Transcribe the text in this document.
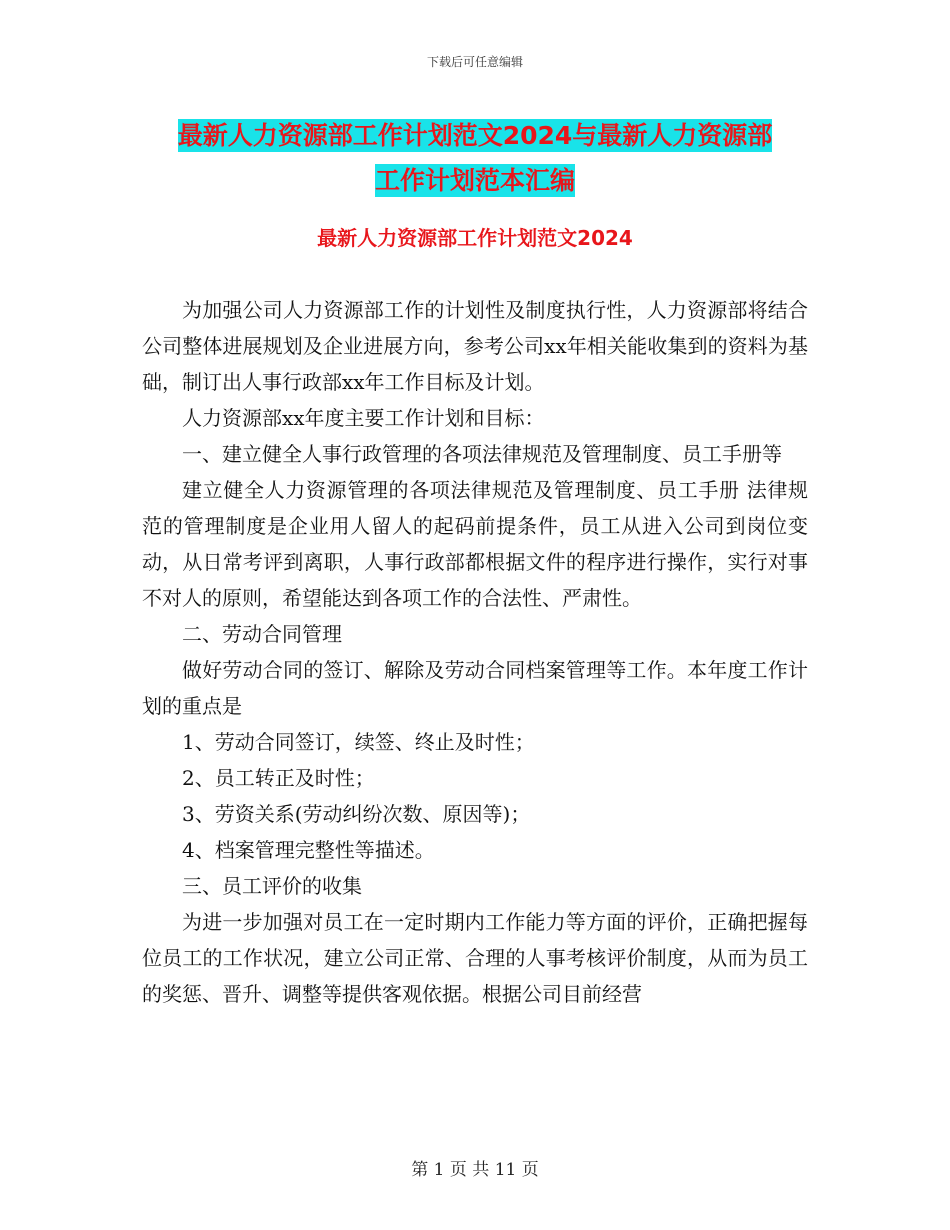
下载后可任意编辑
最新人力资源部工作计划范文2024与最新人力资源部
工作计划范本汇编
最新人力资源部工作计划范文2024

为加强公司人力资源部工作的计划性及制度执行性，人力资源部将结合公司整体进展规划及企业进展方向，参考公司xx年相关能收集到的资料为基础，制订出人事行政部xx年工作目标及计划。

人力资源部xx年度主要工作计划和目标：

一、建立健全人事行政管理的各项法律规范及管理制度、员工手册等

建立健全人力资源管理的各项法律规范及管理制度、员工手册 法律规范的管理制度是企业用人留人的起码前提条件，员工从进入公司到岗位变动，从日常考评到离职，人事行政部都根据文件的程序进行操作，实行对事不对人的原则，希望能达到各项工作的合法性、严肃性。

二、劳动合同管理

做好劳动合同的签订、解除及劳动合同档案管理等工作。本年度工作计划的重点是

1、劳动合同签订，续签、终止及时性；

2、员工转正及时性；

3、劳资关系(劳动纠纷次数、原因等)；

4、档案管理完整性等描述。

三、员工评价的收集

为进一步加强对员工在一定时期内工作能力等方面的评价，正确把握每位员工的工作状况，建立公司正常、合理的人事考核评价制度，从而为员工的奖惩、晋升、调整等提供客观依据。根据公司目前经营

第 1 页 共 11 页
